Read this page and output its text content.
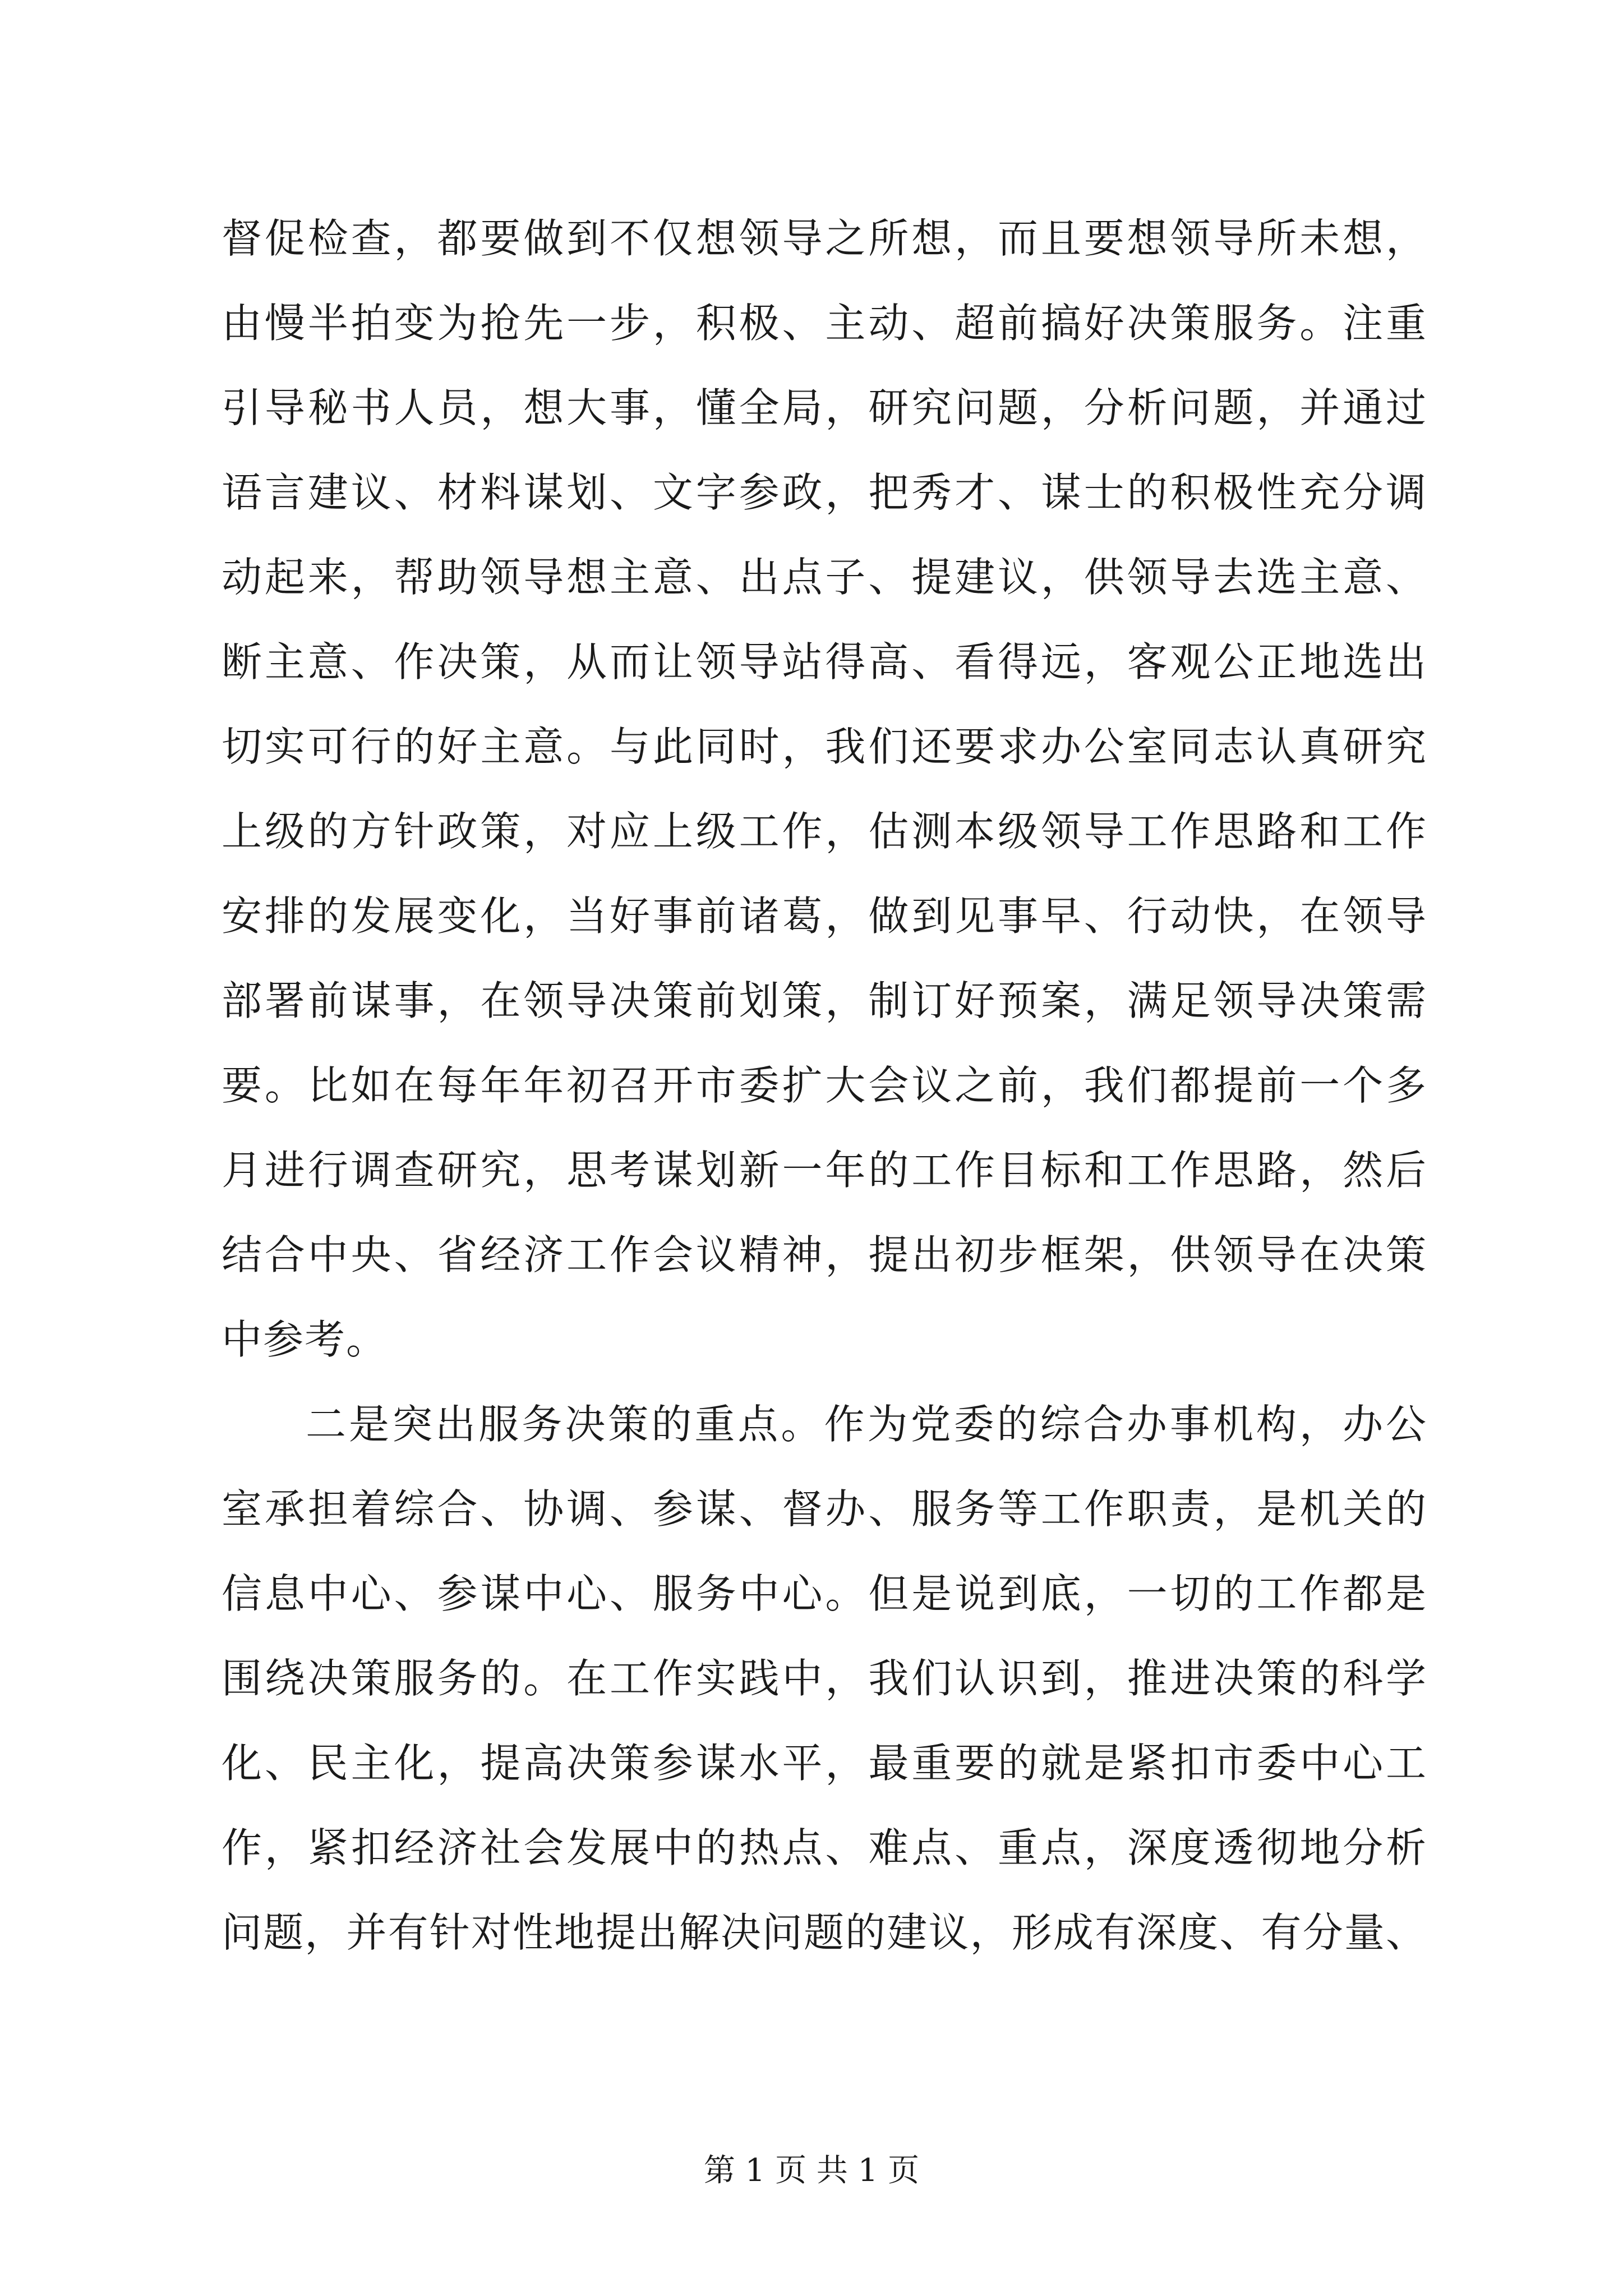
督促检查，都要做到不仅想领导之所想，而且要想领导所未想，
由慢半拍变为抢先一步，积极、主动、超前搞好决策服务。注重
引导秘书人员，想大事，懂全局，研究问题，分析问题，并通过
语言建议、材料谋划、文字参政，把秀才、谋士的积极性充分调
动起来，帮助领导想主意、出点子、提建议，供领导去选主意、
断主意、作决策，从而让领导站得高、看得远，客观公正地选出
切实可行的好主意。与此同时，我们还要求办公室同志认真研究
上级的方针政策，对应上级工作，估测本级领导工作思路和工作
安排的发展变化，当好事前诸葛，做到见事早、行动快，在领导
部署前谋事，在领导决策前划策，制订好预案，满足领导决策需
要。比如在每年年初召开市委扩大会议之前，我们都提前一个多
月进行调查研究，思考谋划新一年的工作目标和工作思路，然后
结合中央、省经济工作会议精神，提出初步框架，供领导在决策
中参考。
二是突出服务决策的重点。作为党委的综合办事机构，办公
室承担着综合、协调、参谋、督办、服务等工作职责，是机关的
信息中心、参谋中心、服务中心。但是说到底，一切的工作都是
围绕决策服务的。在工作实践中，我们认识到，推进决策的科学
化、民主化，提高决策参谋水平，最重要的就是紧扣市委中心工
作，紧扣经济社会发展中的热点、难点、重点，深度透彻地分析
问题，并有针对性地提出解决问题的建议，形成有深度、有分量、
第 1 页 共 1 页
